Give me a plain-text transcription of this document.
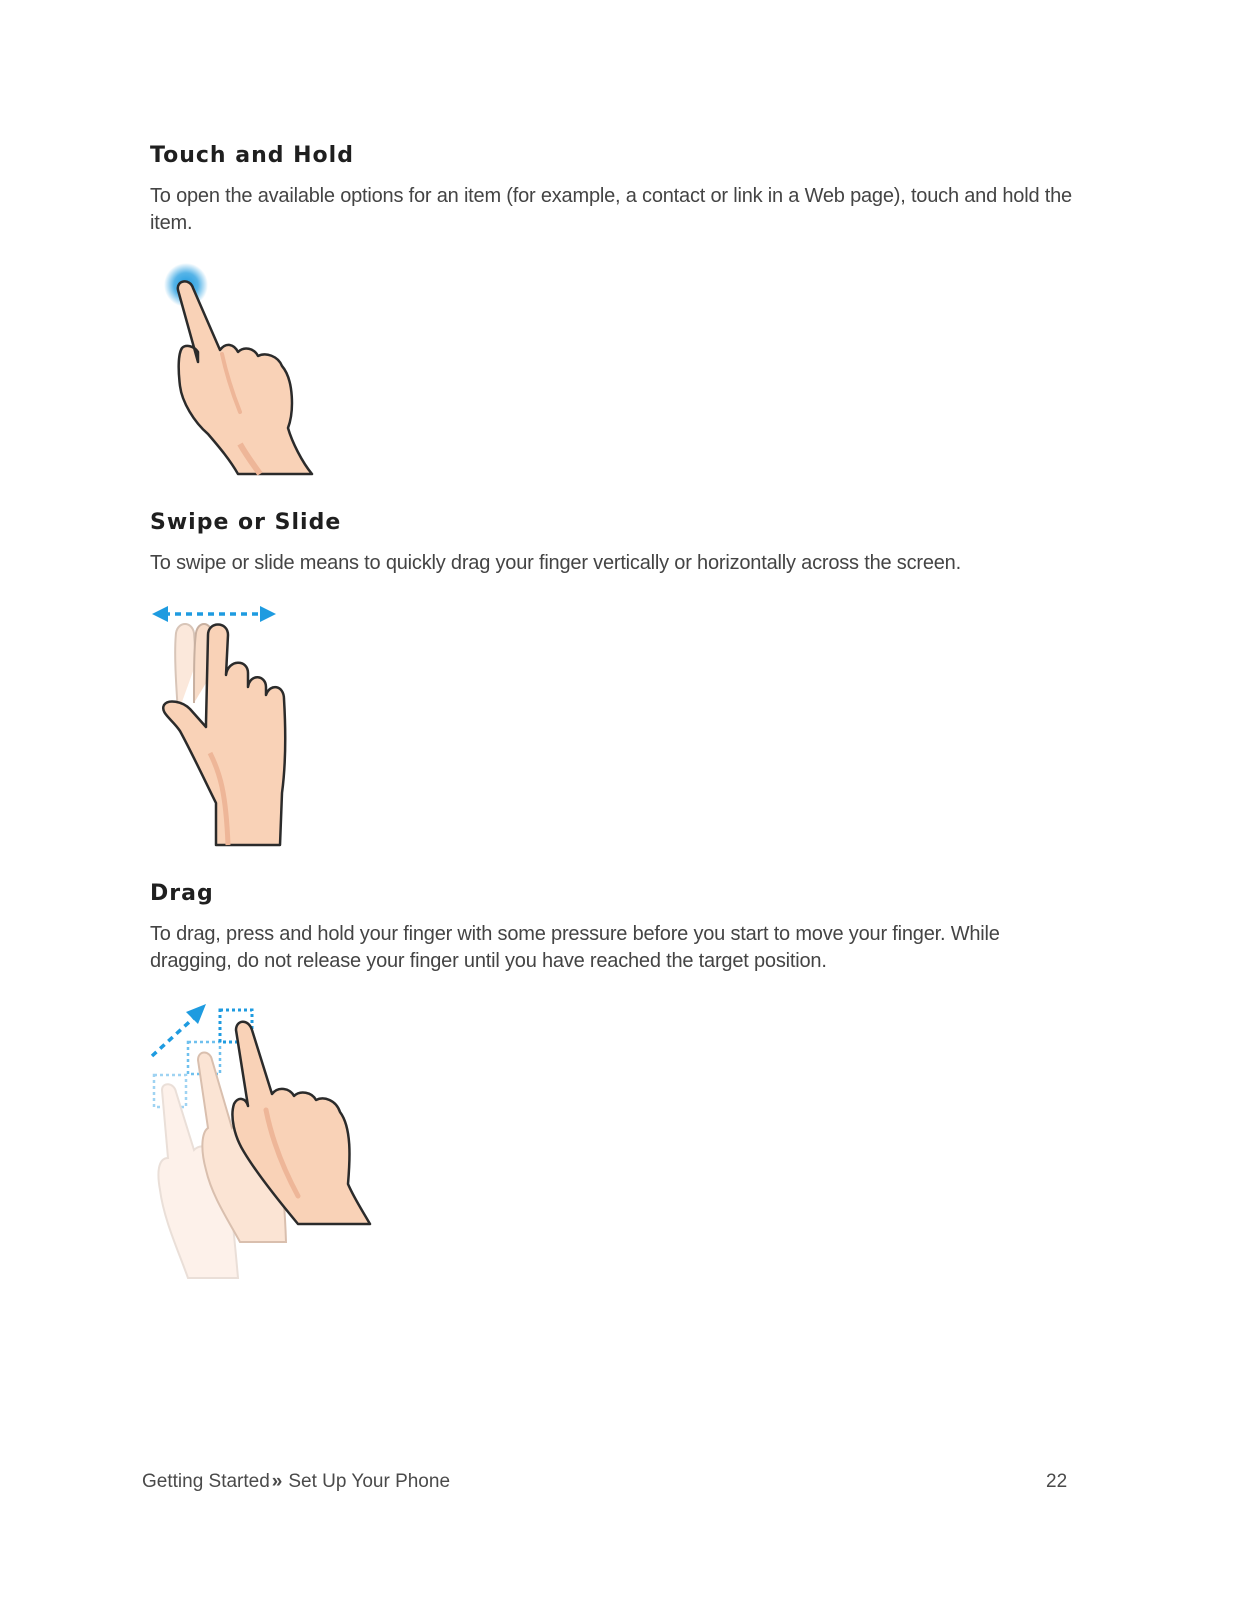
Touch and Hold

To open the available options for an item (for example, a contact or link in a Web page), touch and hold the item.

Swipe or Slide

To swipe or slide means to quickly drag your finger vertically or horizontally across the screen.

Drag

To drag, press and hold your finger with some pressure before you start to move your finger. While dragging, do not release your finger until you have reached the target position.

Getting Started » Set Up Your Phone	22
